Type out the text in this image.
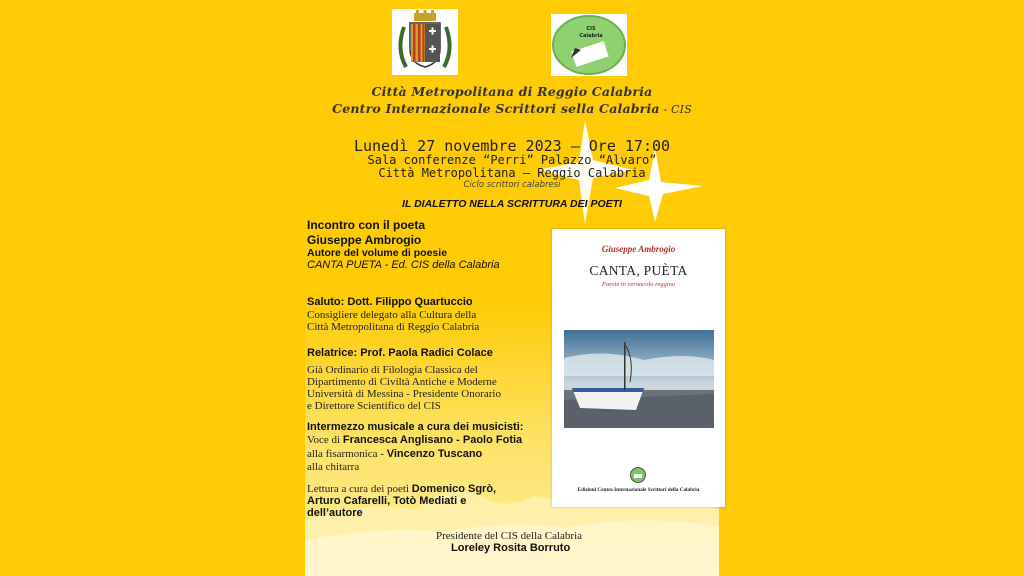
CIS Calabria
Città Metropolitana di Reggio Calabria
Centro Internazionale Scrittori sella Calabria - CIS
Lunedì 27 novembre 2023 – Ore 17:00
Sala conferenze “Perri” Palazzo “Alvaro”
Città Metropolitana – Reggio Calabria
Ciclo scrittori calabresi
IL DIALETTO NELLA SCRITTURA DEI POETI
Incontro con il poeta
Giuseppe Ambrogio
Autore del volume di poesie
CANTA PUETA - Ed. CIS della Calabria
Saluto: Dott. Filippo Quartuccio
Consigliere delegato alla Cultura della
Città Metropolitana di Reggio Calabria
Relatrice: Prof. Paola Radici Colace
Già Ordinario di Filologia Classica del
Dipartimento di Civiltà Antiche e Moderne
Università di Messina - Presidente Onorario
e Direttore Scientifico del CIS
Intermezzo musicale a cura dei musicisti:
Voce di Francesca Anglisano - Paolo Fotia
alla fisarmonica - Vincenzo Tuscano
alla chitarra
Lettura a cura dei poeti Domenico Sgrò,
Arturo Cafarelli, Totò Mediati e
dell’autore
Presidente del CIS della Calabria
Loreley Rosita Borruto
Giuseppe Ambrogio
CANTA, PUÈTA
Poesie in vernacolo reggino
Edizioni Centro Internazionale Scrittori della Calabria
